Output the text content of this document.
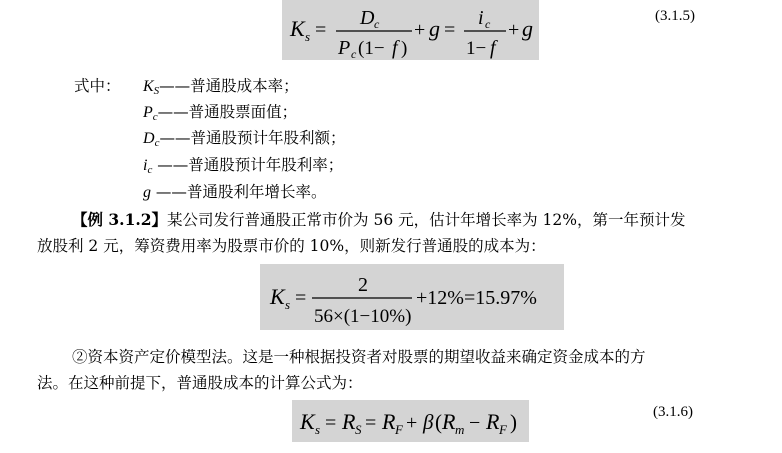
K s =
D c
P c (1− f )
+ g =
i c
1− f
+ g	(3.1.5)
式中： $K_S——$普通股成本率；
$P_c——$普通股票面值；
$D_c——$普通股预计年股利额；
$i_c$ ——普通股预计年股利率；
g ——普通股利年增长率。
【例 3.1.2】某公司发行普通股正常市价为 56 元，估计年增长率为 12%，第一年预计发
放股利 2 元，筹资费用率为股票市价的 10%，则新发行普通股的成本为：
K s =
2
56×(1−10%)
+12%=15.97%
②资本资产定价模型法。这是一种根据投资者对股票的期望收益来确定资金成本的方
法。在这种前提下，普通股成本的计算公式为：
K s = R S = R F + β ( R m − R F )	(3.1.6)
